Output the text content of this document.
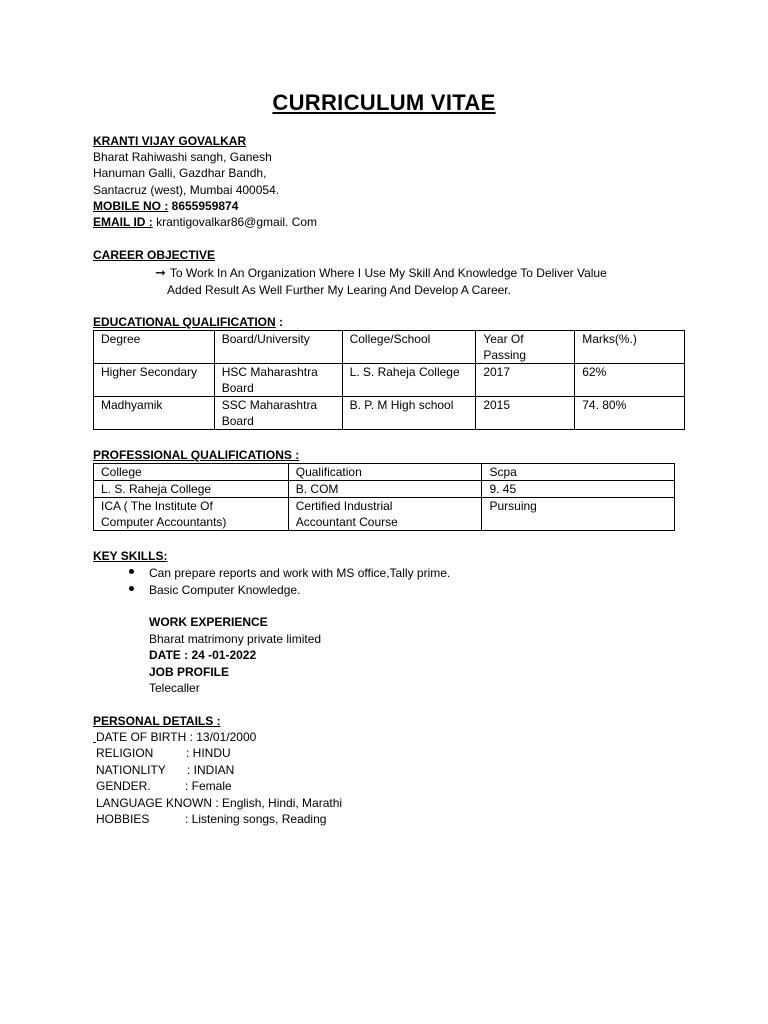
CURRICULUM VITAE
KRANTI VIJAY GOVALKAR
Bharat Rahiwashi sangh, Ganesh
Hanuman Galli, Gazdhar Bandh,
Santacruz (west), Mumbai 400054.
MOBILE NO : 8655959874
EMAIL ID : krantigovalkar86@gmail. Com
CAREER OBJECTIVE
➞ To Work In An Organization Where I Use My Skill And Knowledge To Deliver Value
Added Result As Well Further My Learing And Develop A Career.
EDUCATIONAL QUALIFICATION :
Degree	Board/University	College/School	Year Of Passing	Marks(%.)
Higher Secondary	HSC Maharashtra Board	L. S. Raheja College	2017	62%
Madhyamik	SSC Maharashtra Board	B. P. M High school	2015	74. 80%
PROFESSIONAL QUALIFICATIONS :
College	Qualification	Scpa
L. S. Raheja College	B. COM	9. 45
ICA ( The Institute Of Computer Accountants)	Certified Industrial Accountant Course	Pursuing
KEY SKILLS:
Can prepare reports and work with MS office,Tally prime.
Basic Computer Knowledge.
WORK EXPERIENCE
Bharat matrimony private limited
DATE : 24 -01-2022
JOB PROFILE
Telecaller
PERSONAL DETAILS :
DATE OF BIRTH : 13/01/2000
RELIGION	: HINDU
NATIONLITY : INDIAN
GENDER.	: Female
LANGUAGE KNOWN : English, Hindi, Marathi
HOBBIES	: Listening songs, Reading
